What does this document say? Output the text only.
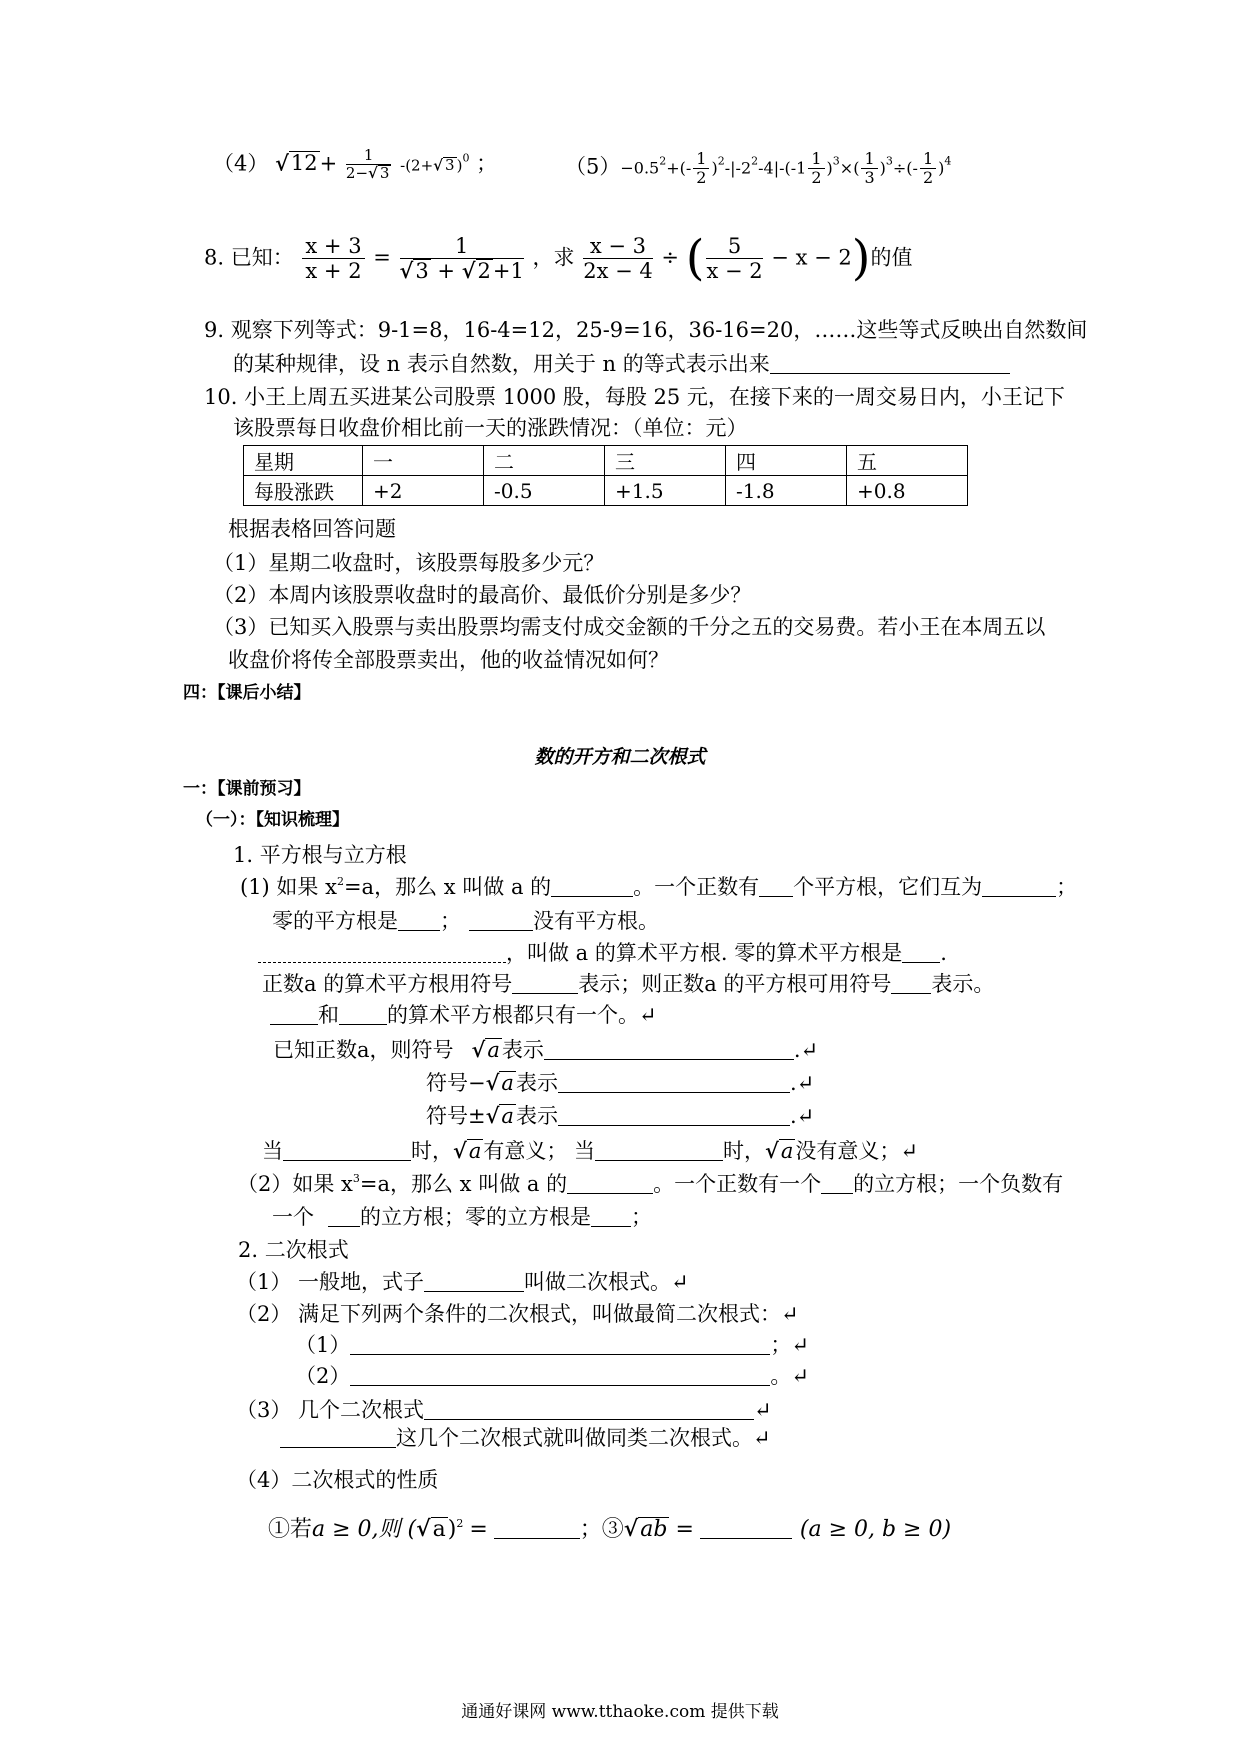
（4） $√12+ \frac{1}{2-√ 3} -(2+√$ 3 )$^0$ ；	$(5)-0.5^2+(- \frac{1}{2} )^2-|-2^2-4|-(-1 \frac{1}{2} )^3\times( \frac{1}{3} )^3\div(- \frac{1}{2} )^4$
8. 已知： $\frac{x + 3}{x + 2} = \frac{1}{√3 + √2+1}$ ，求 $\frac{x - 3}{2x - 4}$ ÷ ( $\frac{5}{x - 2} - x - 2$)的值
9. 观察下列等式：9-1=8，16-4=12，25-9=16，36-16=20，……这些等式反映出自然数间
的某种规律，设 n 表示自然数，用关于 n 的等式表示出来
10. 小王上周五买进某公司股票 1000 股，每股 25 元，在接下来的一周交易日内，小王记下
该股票每日收盘价相比前一天的涨跌情况：（单位：元）
星期	一	二	三	四	五
每股涨跌	+2	-0.5	+1.5	-1.8	+0.8
根据表格回答问题
（1）星期二收盘时，该股票每股多少元？
（2）本周内该股票收盘时的最高价、最低价分别是多少？
（3）已知买入股票与卖出股票均需支付成交金额的千分之五的交易费。若小王在本周五以
收盘价将传全部股票卖出，他的收益情况如何？
四：【课后小结】
数的开方和二次根式
一：【课前预习】
（一）：【知识梳理】
1. 平方根与立方根
(1) 如果 $x^2=a$，那么 x 叫做 a 的	。一个正数有 个平方根，它们互为	；
零的平方根是 ；	没有平方根。
，叫做 a 的算术平方根. 零的算术平方根是 .
正数a 的算术平方根用符号	表示；则正数a 的平方根可用符号 表示。
和 的算术平方根都只有一个。↵
已知正数a，则符号 √a表示	.↵
符号−√a表示	.↵
符号±√a表示	.↵
当	时，√a有意义； 当	时，√a没有意义；↵
（2）如果 $x^3=a$，那么 x 叫做 a 的	。一个正数有一个 的立方根；一个负数有
一个 的立方根；零的立方根是 ；
2. 二次根式
（1） 一般地，式子	叫做二次根式。↵
（2） 满足下列两个条件的二次根式，叫做最简二次根式：↵
（1）	；↵
（2）	。↵
（3） 几个二次根式	↵
这几个二次根式就叫做同类二次根式。↵
（4）二次根式的性质
①若a ≥ 0,则 $(√a)^2$ =	；③√ab =	(a ≥ 0, b ≥ 0)
通通好课网 www.tthaoke.com 提供下载
